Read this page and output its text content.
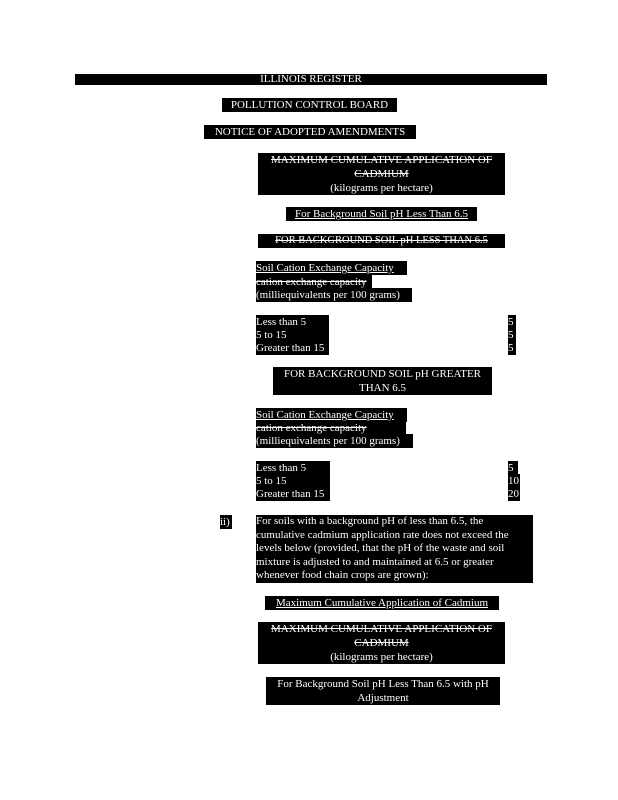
ILLINOIS REGISTER
POLLUTION CONTROL BOARD
NOTICE OF ADOPTED AMENDMENTS
MAXIMUM CUMULATIVE APPLICATION OF CADMIUM
(kilograms per hectare)
For Background Soil pH Less Than 6.5
FOR BACKGROUND SOIL pH LESS THAN 6.5
Soil Cation Exchange Capacity
cation exchange capacity
(milliequivalents per 100 grams)
Less than 5
5 to 15
Greater than 15
5
5
5
FOR BACKGROUND SOIL pH GREATER THAN 6.5
Soil Cation Exchange Capacity
cation exchange capacity
(milliequivalents per 100 grams)
Less than 5
5 to 15
Greater than 15
5
10
20
ii) For soils with a background pH of less than 6.5, the cumulative cadmium application rate does not exceed the levels below (provided, that the pH of the waste and soil mixture is adjusted to and maintained at 6.5 or greater whenever food chain crops are grown):
Maximum Cumulative Application of Cadmium
MAXIMUM CUMULATIVE APPLICATION OF CADMIUM
(kilograms per hectare)
For Background Soil pH Less Than 6.5 with pH Adjustment
